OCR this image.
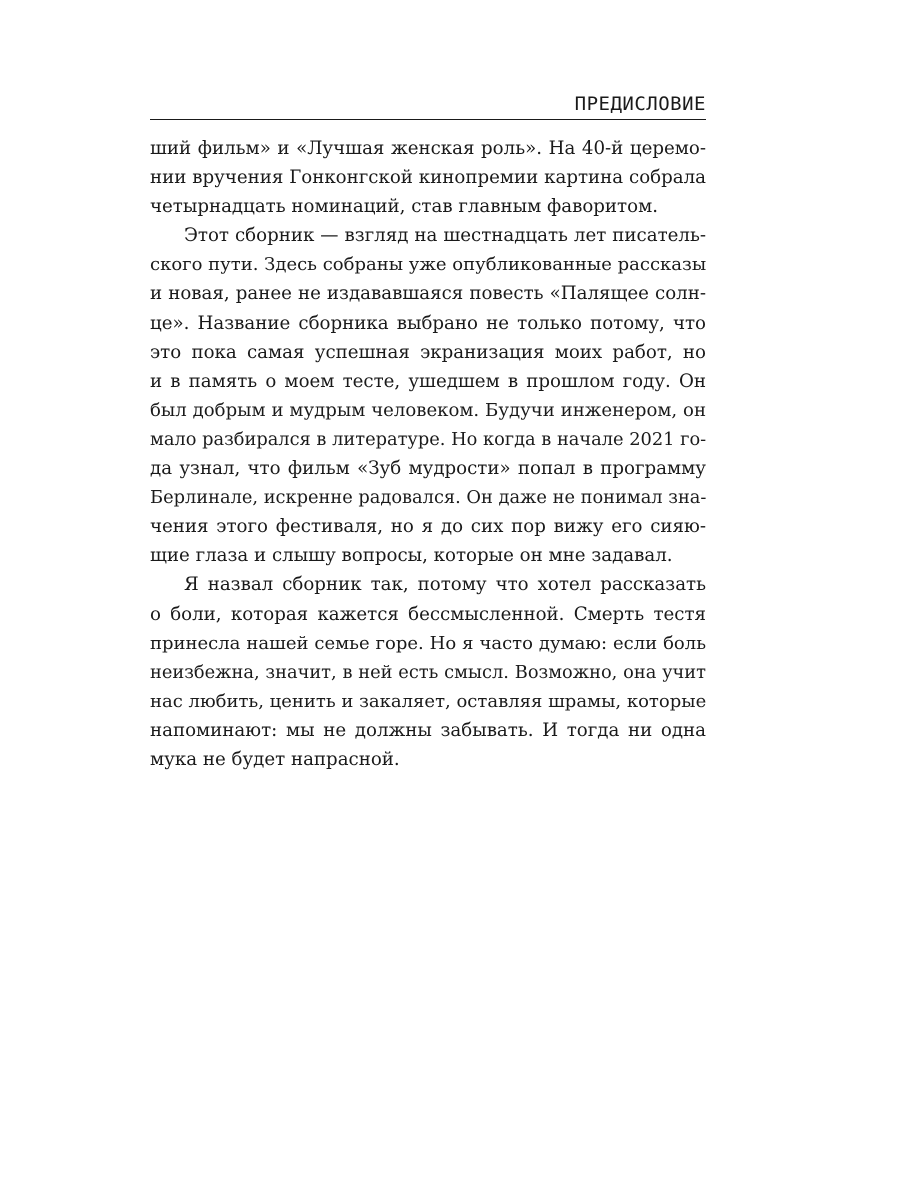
ПРЕДИСЛОВИЕ

ший фильм» и «Лучшая женская роль». На 40-й церемо-
нии вручения Гонконгской кинопремии картина собрала
четырнадцать номинаций, став главным фаворитом.

Этот сборник — взгляд на шестнадцать лет писатель-
ского пути. Здесь собраны уже опубликованные рассказы
и новая, ранее не издававшаяся повесть «Палящее солн-
це». Название сборника выбрано не только потому, что
это пока самая успешная экранизация моих работ, но
и в память о моем тесте, ушедшем в прошлом году. Он
был добрым и мудрым человеком. Будучи инженером, он
мало разбирался в литературе. Но когда в начале 2021 го-
да узнал, что фильм «Зуб мудрости» попал в программу
Берлинале, искренне радовался. Он даже не понимал зна-
чения этого фестиваля, но я до сих пор вижу его сияю-
щие глаза и слышу вопросы, которые он мне задавал.

Я назвал сборник так, потому что хотел рассказать
о боли, которая кажется бессмысленной. Смерть тестя
принесла нашей семье горе. Но я часто думаю: если боль
неизбежна, значит, в ней есть смысл. Возможно, она учит
нас любить, ценить и закаляет, оставляя шрамы, которые
напоминают: мы не должны забывать. И тогда ни одна
мука не будет напрасной.
